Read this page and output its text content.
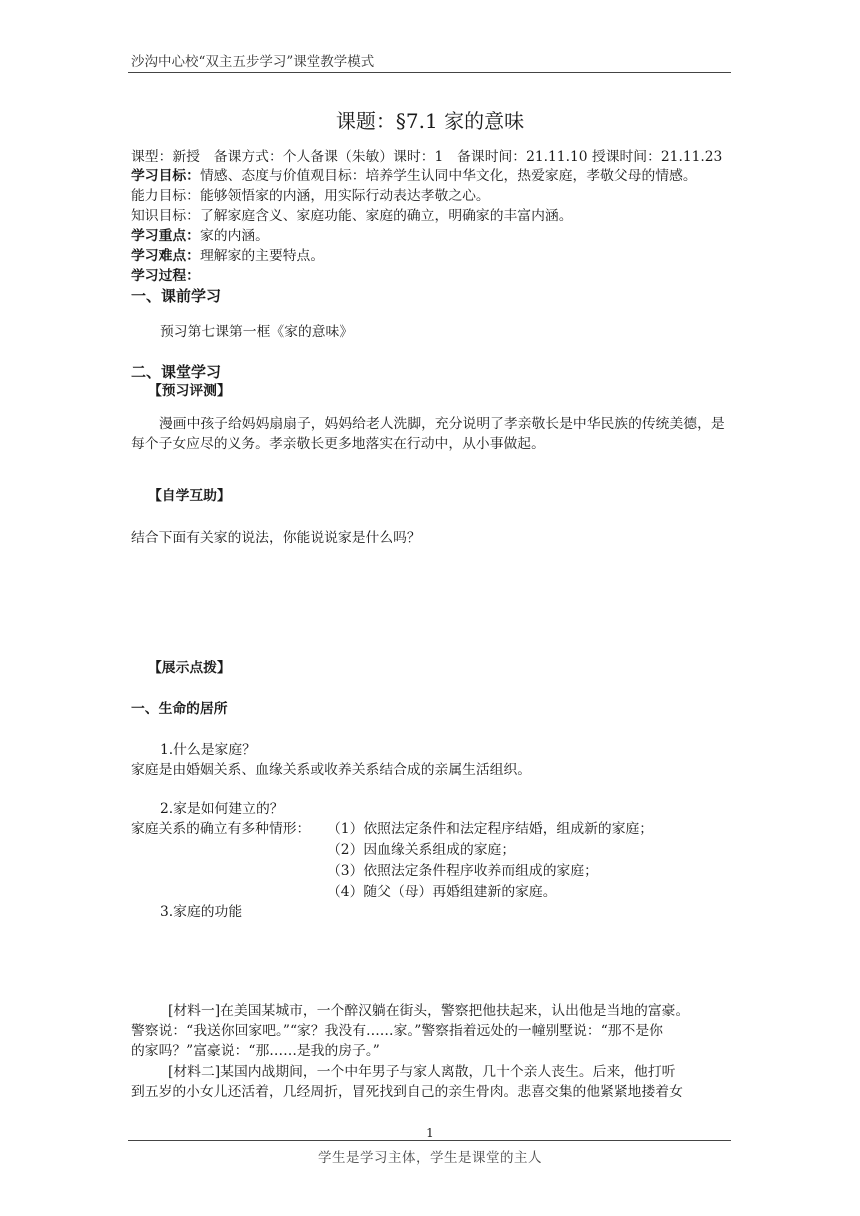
沙沟中心校“双主五步学习”课堂教学模式
课题：§7.1 家的意味
课型：新授　备课方式：个人备课（朱敏）课时：1　备课时间：21.11.10 授课时间：21.11.23
学习目标：情感、态度与价值观目标：培养学生认同中华文化，热爱家庭，孝敬父母的情感。
能力目标：能够领悟家的内涵，用实际行动表达孝敬之心。
知识目标：了解家庭含义、家庭功能、家庭的确立，明确家的丰富内涵。
学习重点：家的内涵。
学习难点：理解家的主要特点。
学习过程：
一、课前学习
预习第七课第一框《家的意味》
二、课堂学习
【预习评测】
漫画中孩子给妈妈扇扇子，妈妈给老人洗脚，充分说明了孝亲敬长是中华民族的传统美德，是每个子女应尽的义务。孝亲敬长更多地落实在行动中，从小事做起。
【自学互助】
结合下面有关家的说法，你能说说家是什么吗？
【展示点拨】
一、生命的居所
1.什么是家庭？
家庭是由婚姻关系、血缘关系或收养关系结合成的亲属生活组织。
2.家是如何建立的？
家庭关系的确立有多种情形： （1）依照法定条件和法定程序结婚，组成新的家庭；
（2）因血缘关系组成的家庭；
（3）依照法定条件程序收养而组成的家庭；
（4）随父（母）再婚组建新的家庭。
3.家庭的功能
[材料一]在美国某城市，一个醉汉躺在街头，警察把他扶起来，认出他是当地的富豪。
警察说：“我送你回家吧。”“家？我没有……家。”警察指着远处的一幢别墅说：“那不是你
的家吗？”富豪说：“那……是我的房子。”
[材料二]某国内战期间，一个中年男子与家人离散，几十个亲人丧生。后来，他打听
到五岁的小女儿还活着，几经周折，冒死找到自己的亲生骨肉。悲喜交集的他紧紧地搂着女
1
学生是学习主体，学生是课堂的主人
